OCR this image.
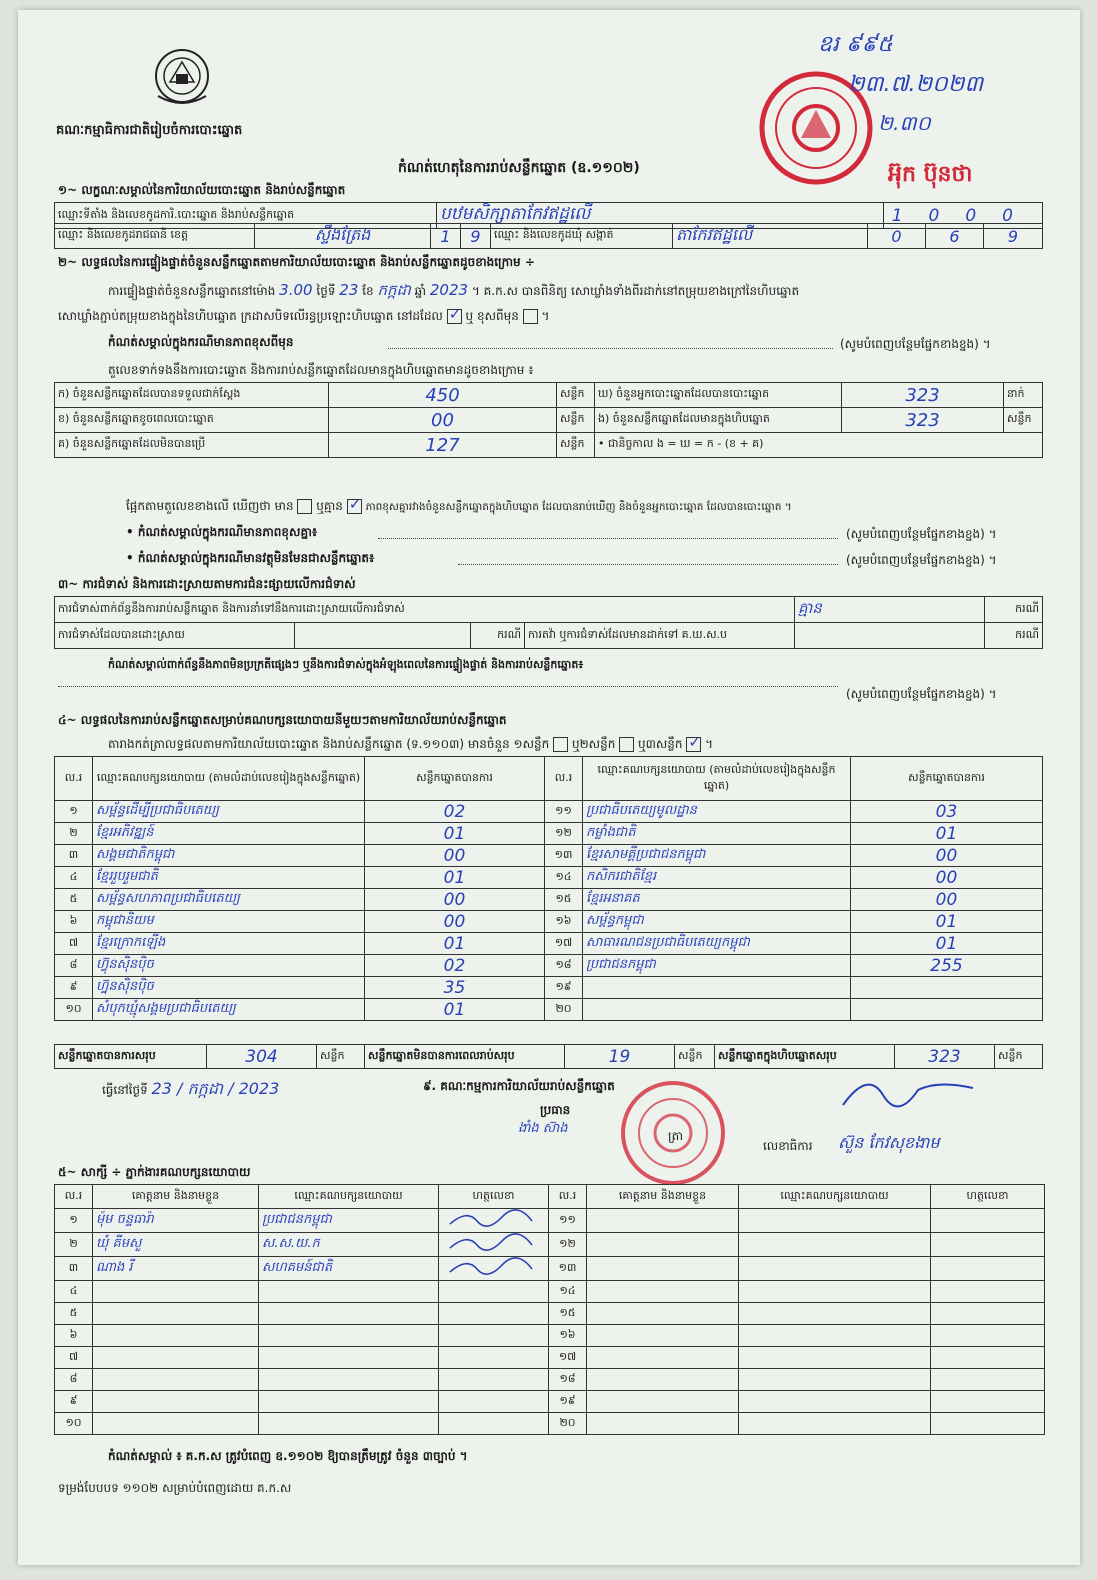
គណៈកម្មាធិការជាតិរៀបចំការបោះឆ្នោត
ឧរ ៩៩៥
២៣.៧.២០២៣
២.៣០
អ៊ុក ប៊ុនថា
កំណត់ហេតុនៃការរាប់សន្លឹកឆ្នោត (ឧ.១១០២)
១~ លក្ខណៈសម្គាល់នៃការិយាល័យបោះឆ្នោត និងរាប់សន្លឹកឆ្នោត
ឈ្មោះទីតាំង និងលេខកូដការិ.បោះឆ្នោត និងរាប់សន្លឹកឆ្នោត	បឋមសិក្សាតាកែវឥដ្ឋលើ	1000
ឈ្មោះ និងលេខកូដរាជធានី ខេត្ត	ស្ទឹងត្រែង	1	9	ឈ្មោះ និងលេខកូដឃុំ សង្កាត់	តាកែវឥដ្ឋលើ	0	6	9
២~ លទ្ធផលនៃការផ្ទៀងផ្ទាត់ចំនួនសន្លឹកឆ្នោតតាមការិយាល័យបោះឆ្នោត និងរាប់សន្លឹកឆ្នោតដូចខាងក្រោម ÷
ការផ្ទៀងផ្ទាត់ចំនួនសន្លឹកឆ្នោតនៅម៉ោង 3.00 ថ្ងៃទី 23 ខែ កក្កដា ឆ្នាំ 2023 ។ គ.ក.ស បានពិនិត្យ សោឃ្លាំងទាំងពីរដាក់នៅតម្រុយខាងក្រៅនៃហិបឆ្នោត
សោឃ្លាំងភ្ជាប់តម្រុយខាងក្នុងនៃហិបឆ្នោត ក្រដាសបិទលើរន្ធប្រឡោះហិបឆ្នោត នៅដដែល ✓ ឬ ខុសពីមុន  ។
កំណត់សម្គាល់ក្នុងករណីមានភាពខុសពីមុន	(សូមបំពេញបន្ថែមផ្នែកខាងខ្នង) ។
តួលេខទាក់ទងនឹងការបោះឆ្នោត និងការរាប់សន្លឹកឆ្នោតដែលមានក្នុងហិបឆ្នោតមានដូចខាងក្រោម ៖
ក) ចំនួនសន្លឹកឆ្នោតដែលបានទទួលជាក់ស្តែង	450	សន្លឹក	ឃ) ចំនួនអ្នកបោះឆ្នោតដែលបានបោះឆ្នោត	323	នាក់
ខ) ចំនួនសន្លឹកឆ្នោតខូចពេលបោះឆ្នោត	00	សន្លឹក	ង) ចំនួនសន្លឹកឆ្នោតដែលមានក្នុងហិបឆ្នោត	323	សន្លឹក
គ) ចំនួនសន្លឹកឆ្នោតដែលមិនបានប្រើ	127	សន្លឹក	• ជានិច្ចកាល ង = ឃ = ក - (ខ + គ)		
ផ្អែកតាមតួលេខខាងលើ ឃើញថា មាន ឬគ្មាន ✓ ភាពខុសគ្នារវាងចំនួនសន្លឹកឆ្នោតក្នុងហិបឆ្នោត ដែលបានរាប់ឃើញ និងចំនួនអ្នកបោះឆ្នោត ដែលបានបោះឆ្នោត ។
• កំណត់សម្គាល់ក្នុងករណីមានភាពខុសគ្នា៖	(សូមបំពេញបន្ថែមផ្នែកខាងខ្នង) ។
• កំណត់សម្គាល់ក្នុងករណីមានវត្ថុមិនមែនជាសន្លឹកឆ្នោត៖	(សូមបំពេញបន្ថែមផ្នែកខាងខ្នង) ។
៣~ ការជំទាស់ និងការដោះស្រាយតាមការជំនះផ្សាយលើការជំទាស់
ការជំទាស់ពាក់ព័ន្ធនឹងការរាប់សន្លឹកឆ្នោត និងការនាំទៅនឹងការដោះស្រាយលើការជំទាស់				គ្មាន	ករណី
ការជំទាស់ដែលបានដោះស្រាយ		ករណី	ការតវ៉ា ឬការជំទាស់ដែលមានដាក់ទៅ គ.ឃ.ស.ប		ករណី
កំណត់សម្គាល់ពាក់ព័ន្ធនឹងភាពមិនប្រក្រតីផ្សេងៗ ឬនឹងការជំទាស់ក្នុងអំឡុងពេលនៃការផ្ទៀងផ្ទាត់ និងការរាប់សន្លឹកឆ្នោត៖
(សូមបំពេញបន្ថែមផ្នែកខាងខ្នង) ។
៤~ លទ្ធផលនៃការរាប់សន្លឹកឆ្នោតសម្រាប់គណបក្សនយោបាយនីមួយៗតាមការិយាល័យរាប់សន្លឹកឆ្នោត
តារាងកត់ត្រាលទ្ធផលតាមការិយាល័យបោះឆ្នោត និងរាប់សន្លឹកឆ្នោត (ទ.១១០៣) មានចំនួន ១សន្លឹក ឬ២សន្លឹក ឬ៣សន្លឹក ✓ ។
ល.រ	ឈ្មោះគណបក្សនយោបាយ (តាមលំដាប់លេខរៀងក្នុងសន្លឹកឆ្នោត)	សន្លឹកឆ្នោតបានការ	ល.រ	ឈ្មោះគណបក្សនយោបាយ (តាមលំដាប់លេខរៀងក្នុងសន្លឹកឆ្នោត)	សន្លឹកឆ្នោតបានការ
១	សម្ព័ន្ធដើម្បីប្រជាធិបតេយ្យ	02	១១	ប្រជាធិបតេយ្យមូលដ្ឋាន	03
២	ខ្មែរអភិវឌ្ឍន៍	01	១២	កម្លាំងជាតិ	01
៣	សង្គមជាតិកម្ពុជា	00	១៣	ខ្មែរសាមគ្គីប្រជាជនកម្ពុជា	00
៤	ខ្មែររួបរួមជាតិ	01	១៤	កសិករជាតិខ្មែរ	00
៥	សម្ព័ន្ធសហភាពប្រជាធិបតេយ្យ	00	១៥	ខ្មែរអនាគត	00
៦	កម្ពុជានិយម	00	១៦	សម្ព័ន្ធកម្ពុជា	01
៧	ខ្មែរក្រោកឡើង	01	១៧	សាធារណជនប្រជាធិបតេយ្យកម្ពុជា	01
៨	ហ៊្វុនស៊ិនប៉ិច	02	១៨	ប្រជាជនកម្ពុជា	255
៩	ហ្វ៊ុនស៊ិនប៉ិច	35	១៩		
១០	សំបុកឃ្មុំសង្គមប្រជាធិបតេយ្យ	01	២០		
សន្លឹកឆ្នោតបានការសរុប	304	សន្លឹក	សន្លឹកឆ្នោតមិនបានការពេលរាប់សរុប	19	សន្លឹក	សន្លឹកឆ្នោតក្នុងហិបឆ្នោតសរុប	323	សន្លឹក
ធ្វើនៅថ្ងៃទី 23 / កក្កដា / 2023	៩. គណៈកម្មការការិយាល័យរាប់សន្លឹកឆ្នោត
ប្រធាន
ងាំង ស៊ាង	ត្រា
លេខាធិការ ស៊ួន កែវសុខងាម
៥~ សាក្សី ÷ ភ្នាក់ងារគណបក្សនយោបាយ
ល.រ	គោត្តនាម និងនាមខ្លួន	ឈ្មោះគណបក្សនយោបាយ	ហត្ថលេខា	ល.រ	គោត្តនាម និងនាមខ្លួន	ឈ្មោះគណបក្សនយោបាយ	ហត្ថលេខា
១	ម៉ុម ចន្ទធារ៉ា	ប្រជាជនកម្ពុជា		១១			
២	ឃុំ គីមសួ	ស.ស.យ.ក		១២			
៣	ណាង រី	សហគមន៍ជាតិ		១៣			
៤				១៤			
៥				១៥			
៦				១៦			
៧				១៧			
៨				១៨			
៩				១៩			
១០				២០			
កំណត់សម្គាល់ ៖ គ.ក.ស ត្រូវបំពេញ ឧ.១១០២ ឱ្យបានត្រឹមត្រូវ ចំនួន ៣ច្បាប់ ។
ទម្រង់បែបបទ ១១០២ សម្រាប់បំពេញដោយ គ.ក.ស
